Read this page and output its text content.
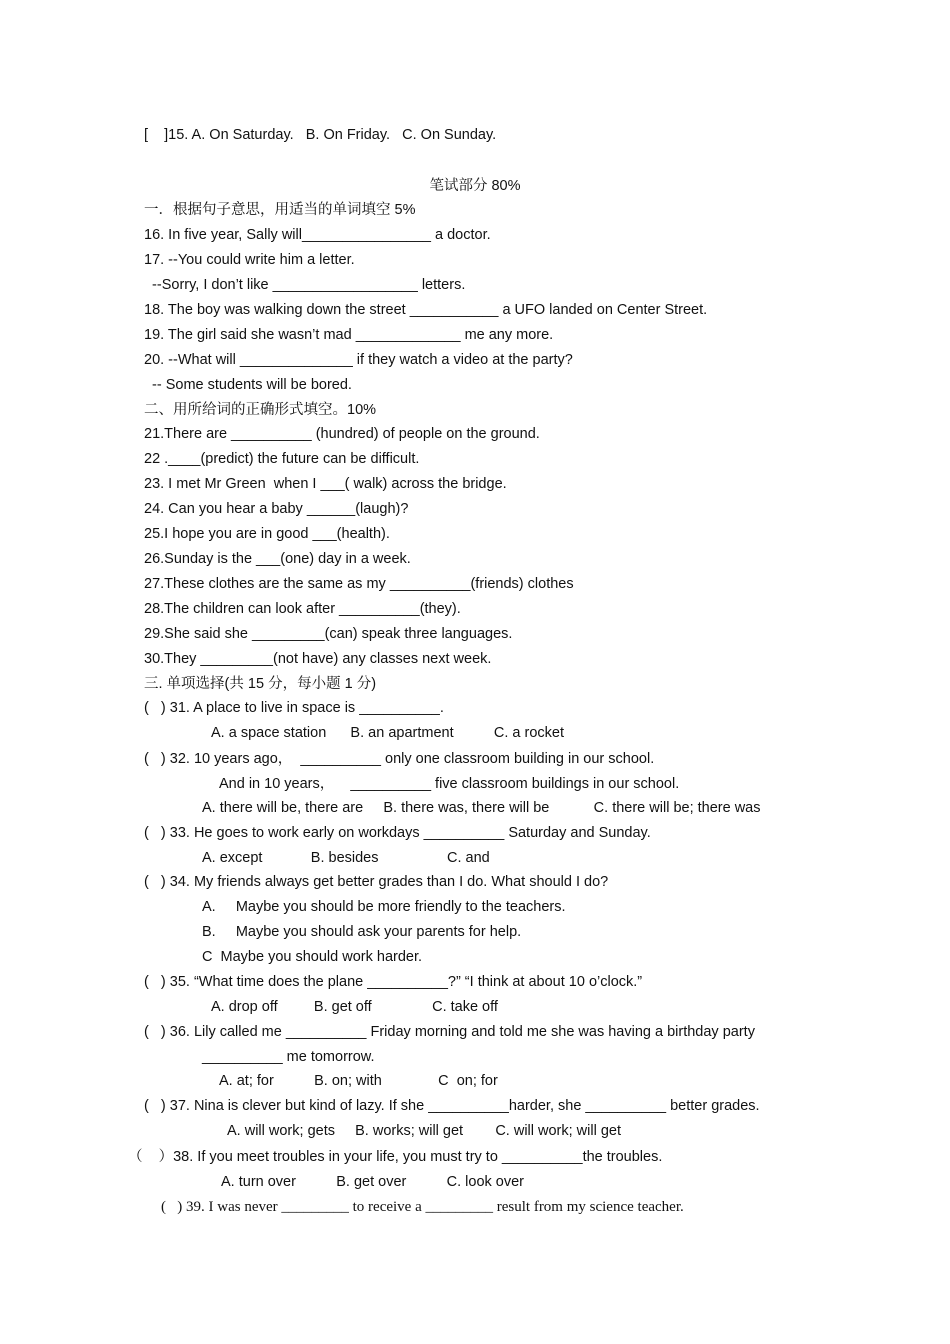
[    ]15. A. On Saturday.   B. On Friday.   C. On Sunday.
笔试部分 80%
一．根据句子意思，用适当的单词填空 5%
16. In five year, Sally will________________ a doctor.
17. --You could write him a letter.
--Sorry, I don’t like __________________ letters.
18. The boy was walking down the street ___________ a UFO landed on Center Street.
19. The girl said she wasn’t mad _____________ me any more.
20. --What will ______________ if they watch a video at the party?
-- Some students will be bored.
二、用所给词的正确形式填空。10%
21.There are __________ (hundred) of people on the ground.
22 .____(predict) the future can be difficult.
23. I met Mr Green  when I ___( walk) across the bridge.
24. Can you hear a baby ______(laugh)?
25.I hope you are in good ___(health).
26.Sunday is the ___(one) day in a week.
27.These clothes are the same as my __________(friends) clothes
28.The children can look after __________(they).
29.She said she _________(can) speak three languages.
30.They _________(not have) any classes next week.
三. 单项选择(共 15 分，每小题 1 分)
(   ) 31. A place to live in space is __________.
A. a space station      B. an apartment          C. a rocket
(   ) 32. 10 years ago，  __________ only one classroom building in our school.
And in 10 years，    __________ five classroom buildings in our school.
A. there will be, there are     B. there was, there will be           C. there will be; there was
(   ) 33. He goes to work early on workdays __________ Saturday and Sunday.
A. except            B. besides                 C. and
(   ) 34. My friends always get better grades than I do. What should I do?
A.     Maybe you should be more friendly to the teachers.
B.     Maybe you should ask your parents for help.
C  Maybe you should work harder.
(   ) 35. “What time does the plane __________?” “I think at about 10 o’clock.”
A. drop off         B. get off               C. take off
(   ) 36. Lily called me __________ Friday morning and told me she was having a birthday party
__________ me tomorrow.
A. at; for          B. on; with              C  on; for
(   ) 37. Nina is clever but kind of lazy. If she __________harder, she __________ better grades.
A. will work; gets     B. works; will get        C. will work; will get
（    ）38. If you meet troubles in your life, you must try to __________the troubles.
A. turn over          B. get over          C. look over
(   ) 39. I was never _________ to receive a _________ result from my science teacher.
